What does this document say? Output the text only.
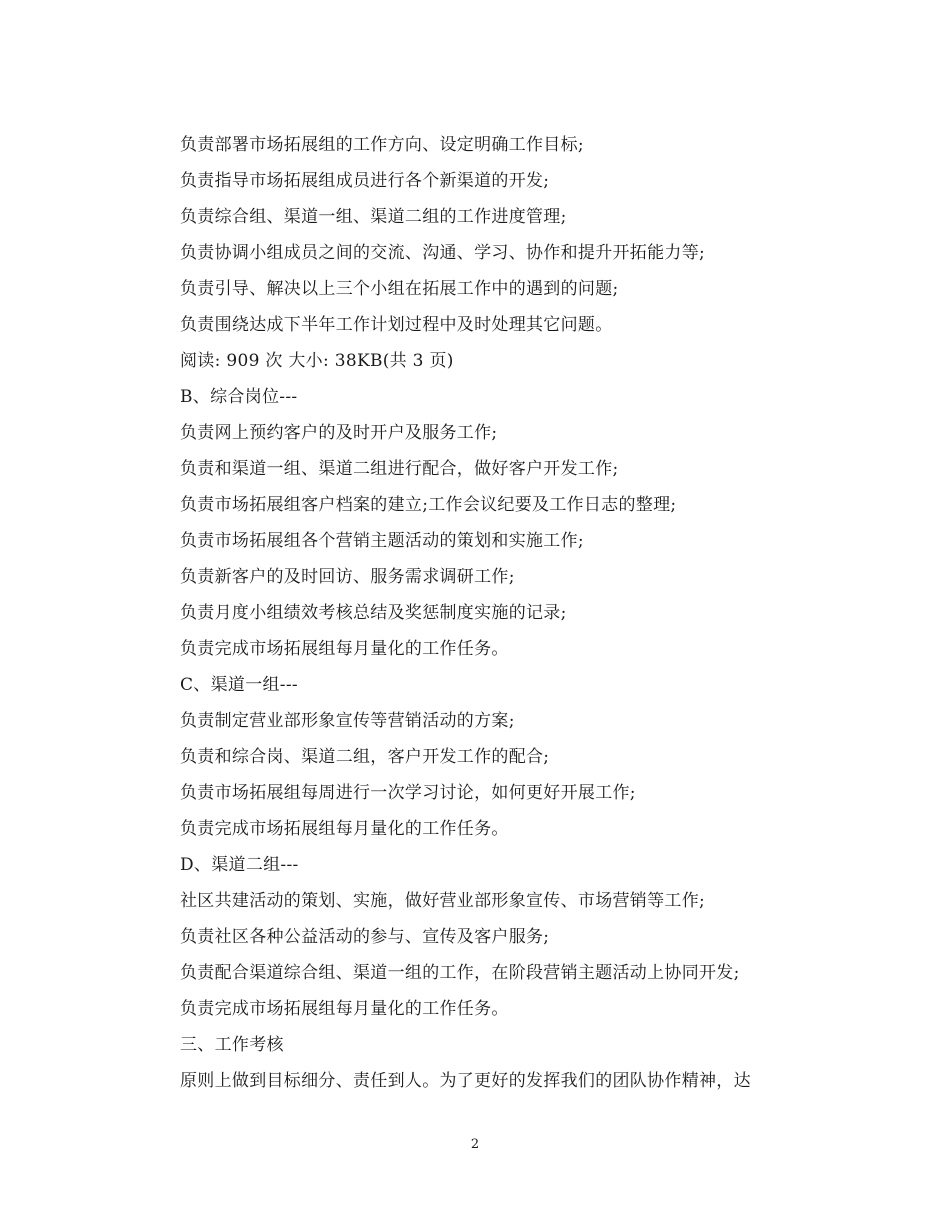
负责部署市场拓展组的工作方向、设定明确工作目标;
负责指导市场拓展组成员进行各个新渠道的开发;
负责综合组、渠道一组、渠道二组的工作进度管理;
负责协调小组成员之间的交流、沟通、学习、协作和提升开拓能力等;
负责引导、解决以上三个小组在拓展工作中的遇到的问题;
负责围绕达成下半年工作计划过程中及时处理其它问题。
阅读: 909 次 大小: 38KB(共 3 页)
B、综合岗位---
负责网上预约客户的及时开户及服务工作;
负责和渠道一组、渠道二组进行配合，做好客户开发工作;
负责市场拓展组客户档案的建立;工作会议纪要及工作日志的整理;
负责市场拓展组各个营销主题活动的策划和实施工作;
负责新客户的及时回访、服务需求调研工作;
负责月度小组绩效考核总结及奖惩制度实施的记录;
负责完成市场拓展组每月量化的工作任务。
C、渠道一组---
负责制定营业部形象宣传等营销活动的方案;
负责和综合岗、渠道二组，客户开发工作的配合;
负责市场拓展组每周进行一次学习讨论，如何更好开展工作;
负责完成市场拓展组每月量化的工作任务。
D、渠道二组---
社区共建活动的策划、实施，做好营业部形象宣传、市场营销等工作;
负责社区各种公益活动的参与、宣传及客户服务;
负责配合渠道综合组、渠道一组的工作，在阶段营销主题活动上协同开发;
负责完成市场拓展组每月量化的工作任务。
三、工作考核
原则上做到目标细分、责任到人。为了更好的发挥我们的团队协作精神，达
2
